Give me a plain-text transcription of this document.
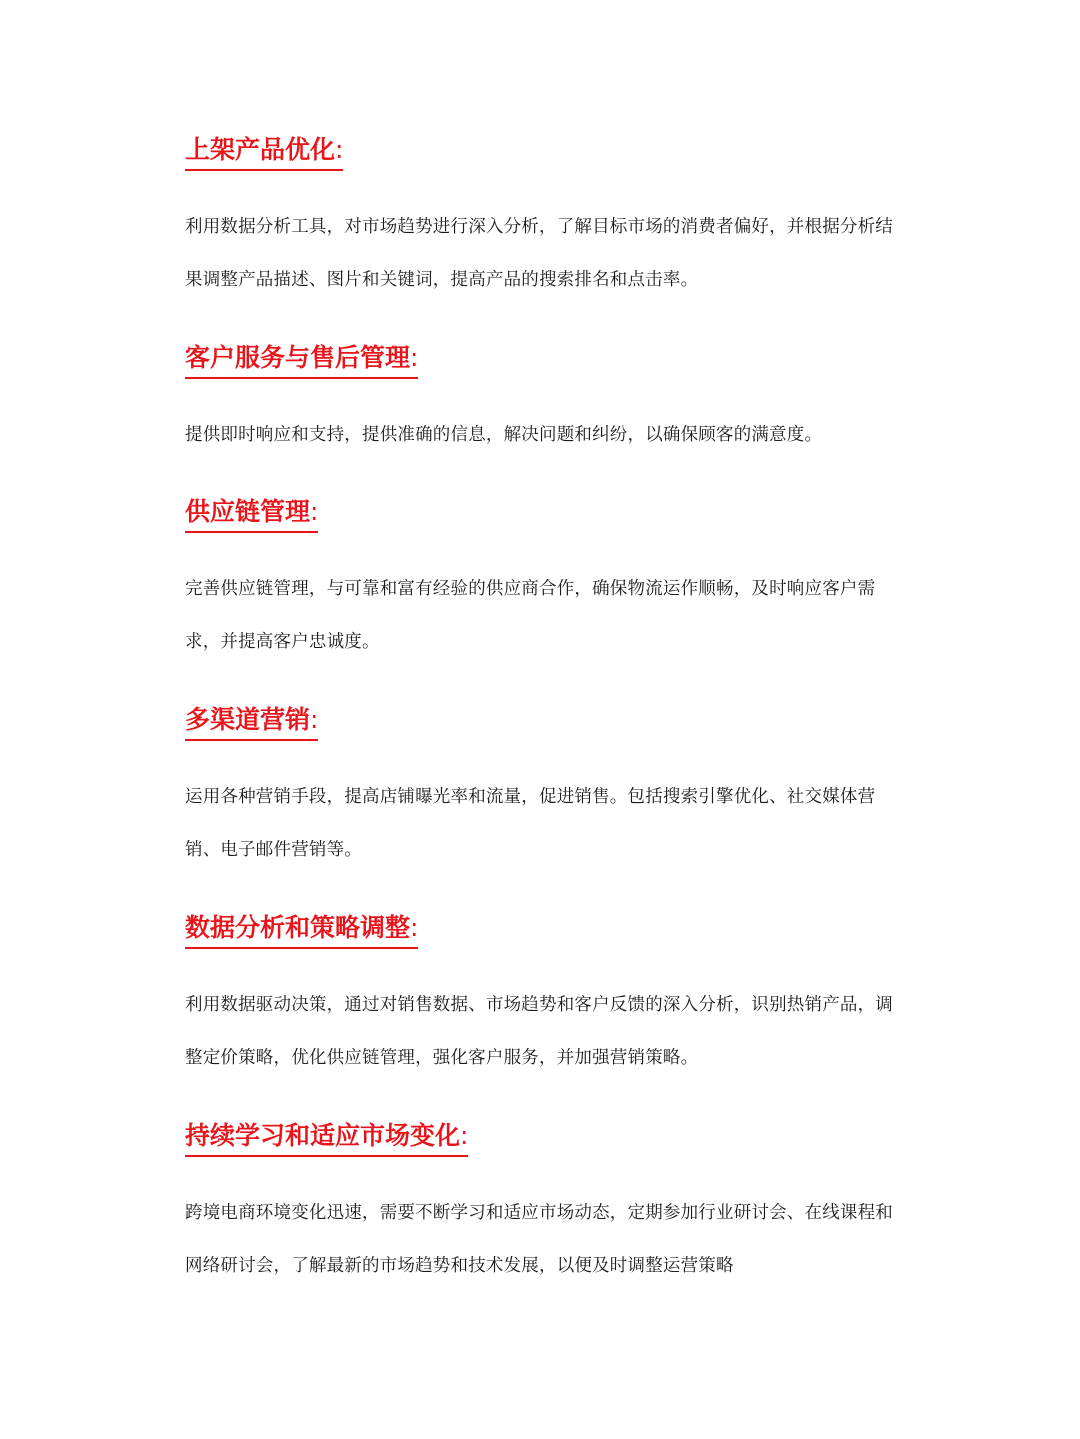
上架产品优化:

利用数据分析工具，对市场趋势进行深入分析，了解目标市场的消费者偏好，并根据分析结果调整产品描述、图片和关键词，提高产品的搜索排名和点击率。

客户服务与售后管理:

提供即时响应和支持，提供准确的信息，解决问题和纠纷，以确保顾客的满意度。

供应链管理:

完善供应链管理，与可靠和富有经验的供应商合作，确保物流运作顺畅，及时响应客户需求，并提高客户忠诚度。

多渠道营销:

运用各种营销手段，提高店铺曝光率和流量，促进销售。包括搜索引擎优化、社交媒体营销、电子邮件营销等。

数据分析和策略调整:

利用数据驱动决策，通过对销售数据、市场趋势和客户反馈的深入分析，识别热销产品，调整定价策略，优化供应链管理，强化客户服务，并加强营销策略。

持续学习和适应市场变化:

跨境电商环境变化迅速，需要不断学习和适应市场动态，定期参加行业研讨会、在线课程和网络研讨会，了解最新的市场趋势和技术发展，以便及时调整运营策略
